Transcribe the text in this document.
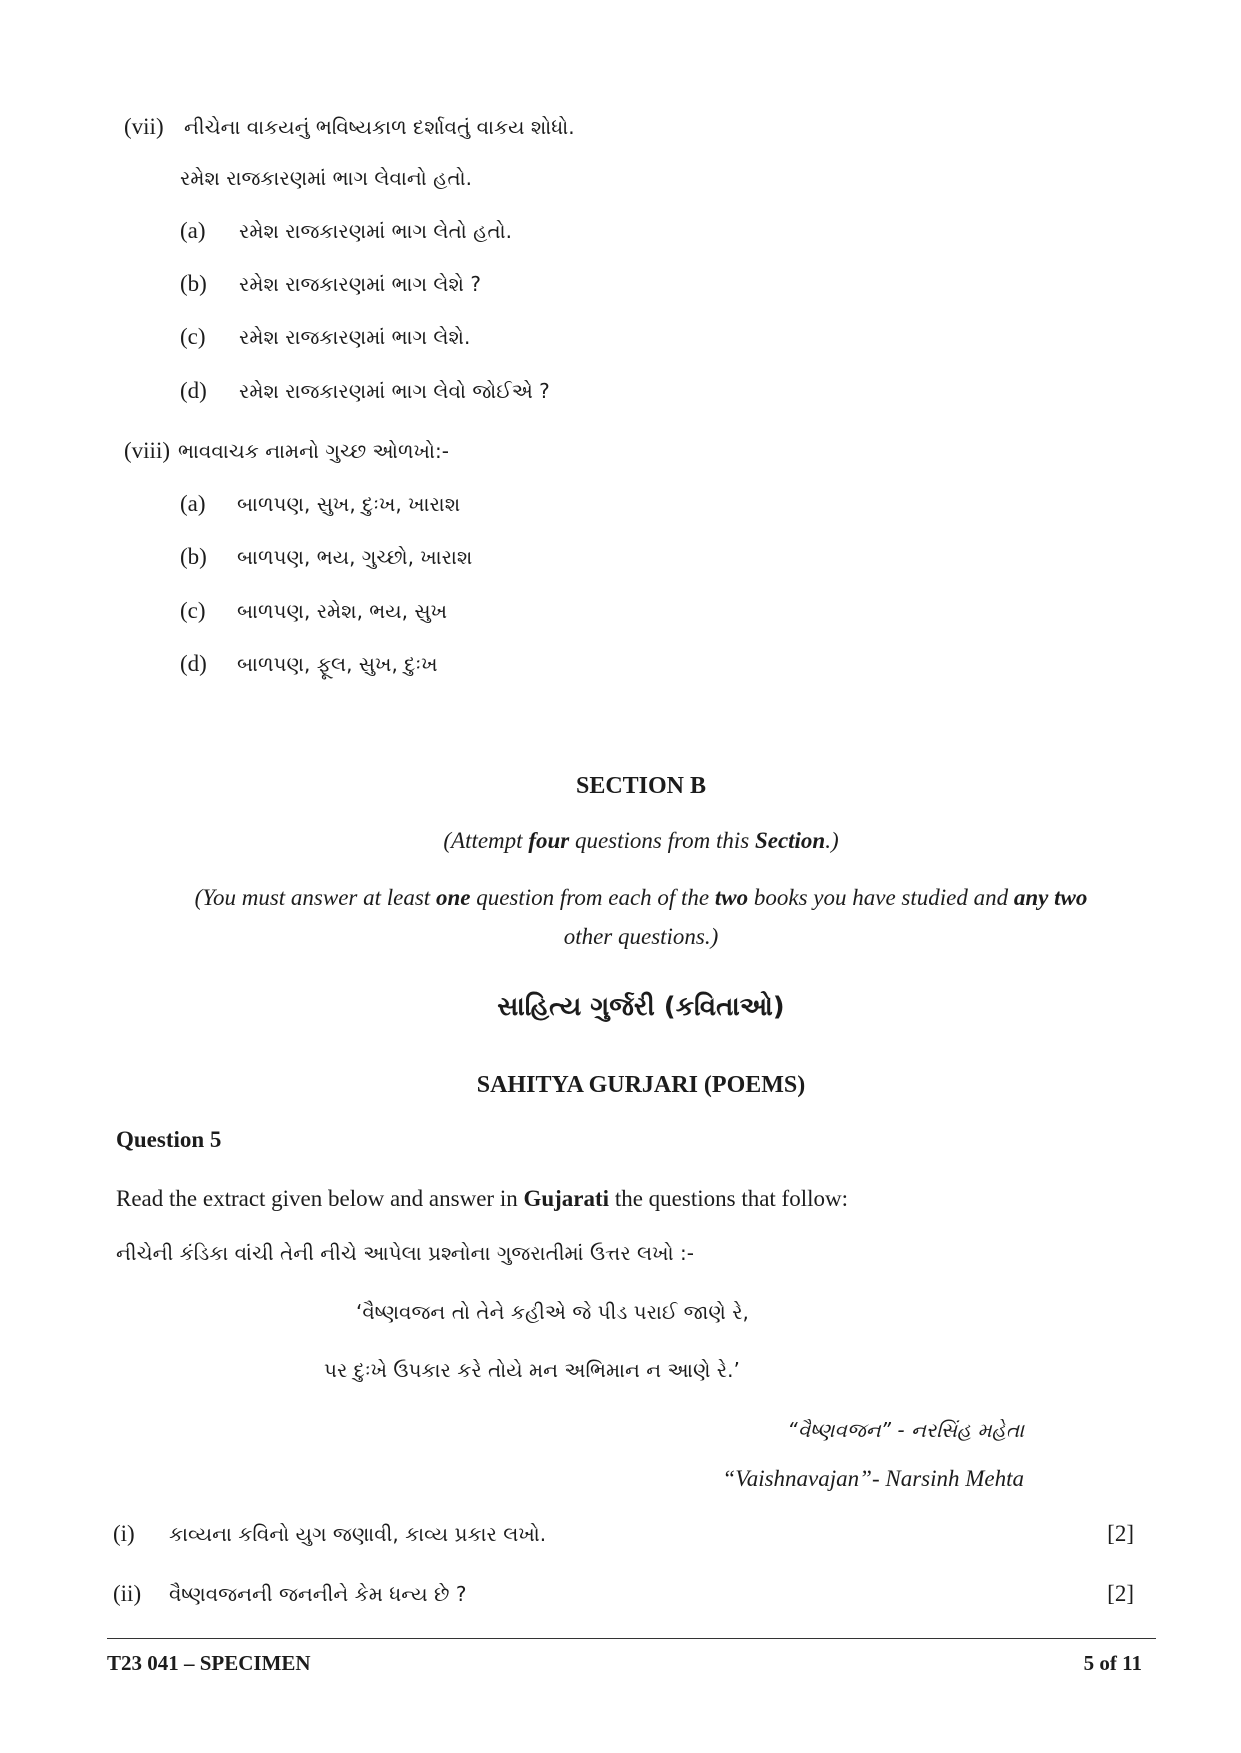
(vii)	નીચેના વાકયનું ભવિષ્યકાળ દર્શાવતું વાકય શોધો.
રમેશ રાજકારણમાં ભાગ લેવાનો હતો.
(a)	રમેશ રાજકારણમાં ભાગ લેતો હતો.
(b)	રમેશ રાજકારણમાં ભાગ લેશે ?
(c)	રમેશ રાજકારણમાં ભાગ લેશે.
(d)	રમેશ રાજકારણમાં ભાગ લેવો જોઈએ ?
(viii) ભાવવાચક નામનો ગુચ્છ ઓળખો:-
(a)	બાળપણ, સુખ, દુઃખ, ખારાશ
(b)	બાળપણ, ભય, ગુચ્છો, ખારાશ
(c)	બાળપણ, રમેશ, ભય, સુખ
(d)	બાળપણ, ફૂલ, સુખ, દુઃખ
SECTION B
(Attempt four questions from this Section.)
(You must answer at least one question from each of the two books you have studied and any two
other questions.)
સાહિત્ય ગુર્જરી (કવિતાઓ)
SAHITYA GURJARI (POEMS)
Question 5
Read the extract given below and answer in Gujarati the questions that follow:
નીચેની કંડિકા વાંચી તેની નીચે આપેલા પ્રશ્નોના ગુજરાતીમાં ઉત્તર લખો :-
‘વૈષ્ણવજન તો તેને કહીએ જે પીડ પરાઈ જાણે રે,
પર દુઃખે ઉપકાર કરે તોયે મન અભિમાન ન આણે રે.’
“વૈષ્ણવજન” - નરસિંહ મહેતા
“Vaishnavajan”- Narsinh Mehta
(i)	કાવ્યના કવિનો યુગ જણાવી, કાવ્ય પ્રકાર લખો.	[2]
(ii)	વૈષ્ણવજનની જનનીને કેમ ધન્ય છે ?	[2]
T23 041 – SPECIMEN	5 of 11
